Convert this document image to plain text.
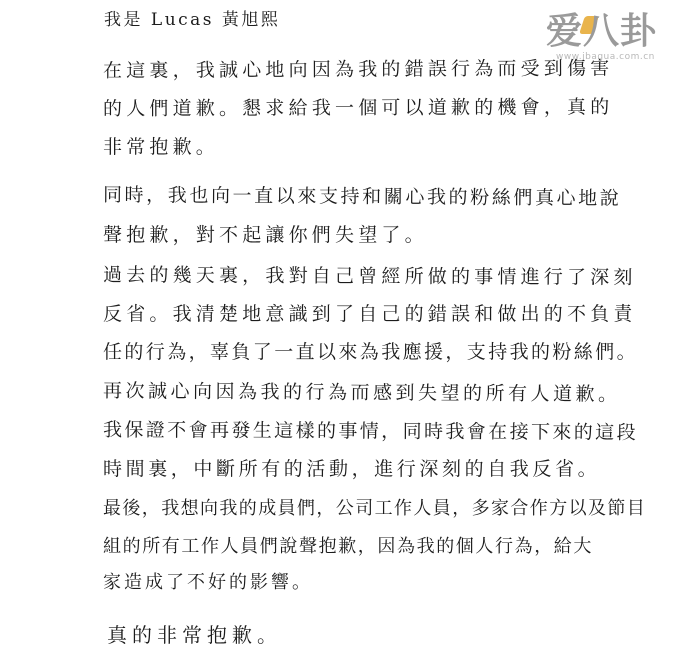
我是 Lucas 黃旭熙
在這裏，我誠心地向因為我的錯誤行為而受到傷害
的人們道歉。懇求給我一個可以道歉的機會，真的
非常抱歉。
同時，我也向一直以來支持和關心我的粉絲們真心地說
聲抱歉，對不起讓你們失望了。
過去的幾天裏，我對自己曾經所做的事情進行了深刻
反省。我清楚地意識到了自己的錯誤和做出的不負責
任的行為，辜負了一直以來為我應援，支持我的粉絲們。
再次誠心向因為我的行為而感到失望的所有人道歉。
我保證不會再發生這樣的事情，同時我會在接下來的這段
時間裏，中斷所有的活動，進行深刻的自我反省。
最後，我想向我的成員們，公司工作人員，多家合作方以及節目
組的所有工作人員們說聲抱歉，因為我的個人行為，給大
家造成了不好的影響。
真的非常抱歉。
爱八卦
www.ibagua.com.cn
